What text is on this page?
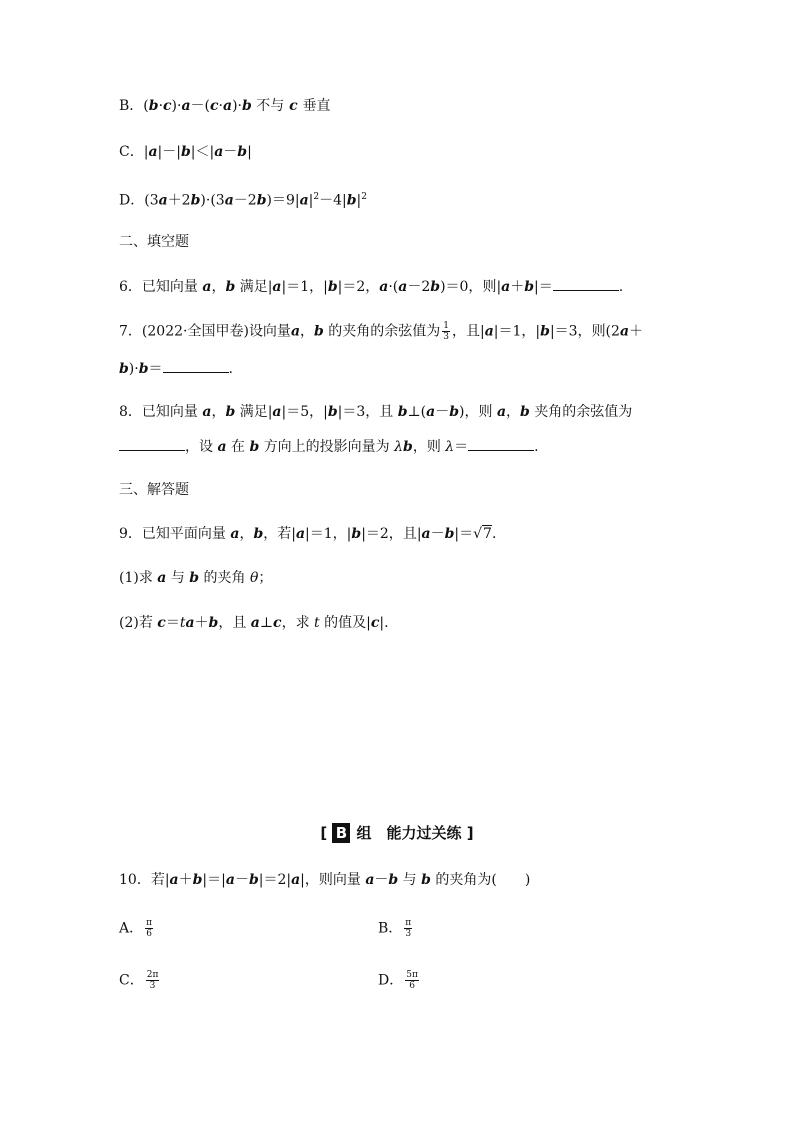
B．(b·c)·a－(c·a)·b 不与 c 垂直
C．|a|－|b|＜|a－b|
D．$(3a+2b)\cdot(3a-2b)=9|a|^2-4|b|^2$
二、填空题
6．已知向量 a，b 满足|a|＝1，|b|＝2，a·(a－2b)＝0，则|a＋b|＝	.
7．(2022·全国甲卷)设向量a，b 的夹角的余弦值为 $\frac{1}{3}$ ，且|a|＝1，|b|＝3，则(2a＋
b)·b＝	.
8．已知向量 a，b 满足|a|＝5，|b|＝3，且 b⊥(a－b)，则 a，b 夹角的余弦值为
，设 a 在 b 方向上的投影向量为 λb，则 λ＝	.
三、解答题
9．已知平面向量 a，b，若|a|＝1，|b|＝2，且|a－b|＝√7.
(1)求 a 与 b 的夹角 θ；
(2)若 c＝ta＋b，且 a⊥c，求 t 的值及|c|.
[ B 组　能力过关练 ]
10．若|a＋b|＝|a－b|＝2|a|，则向量 a－b 与 b 的夹角为(　　)
A． $\frac{\pi}{6}$	B． $\frac{\pi}{3}$
C． $\frac{2\pi}{3}$	D． $\frac{5\pi}{6}$
